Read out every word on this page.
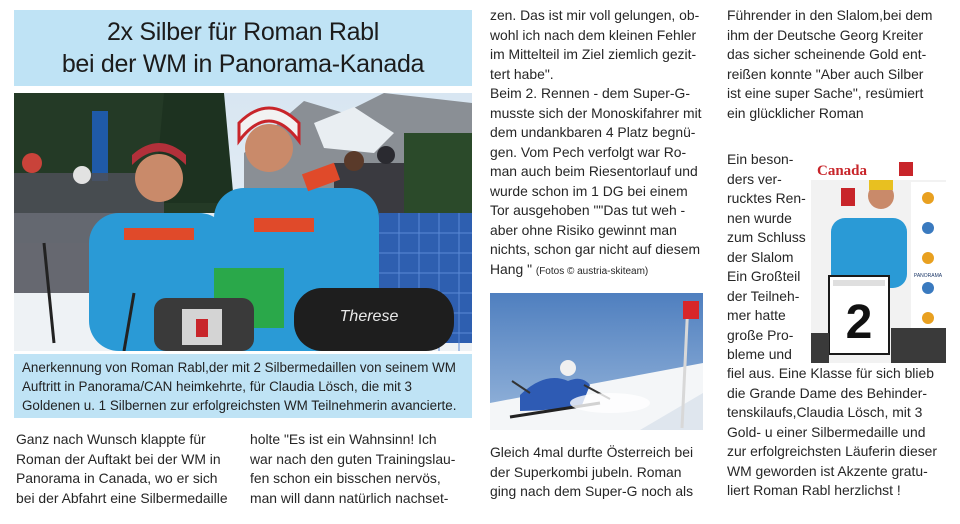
2x Silber für Roman Rabl
bei der WM in Panorama-Kanada
Therese
Anerkennung von Roman Rabl,der mit 2 Silbermedaillen von seinem WM Auftritt in Panorama/CAN heimkehrte, für Claudia Lösch, die mit 3 Goldenen u. 1 Silbernen zur erfolgreichsten WM Teilnehmerin avancierte.

Ganz nach Wunsch klappte für

Roman der Auftakt bei der WM in

Panorama in Canada, wo er sich

bei der Abfahrt eine Silbermedaille

holte "Es ist ein Wahnsinn! Ich

war nach den guten Trainingslau-

fen schon ein bisschen nervös,

man will dann natürlich nachset-

zen. Das ist mir voll gelungen, ob-

wohl ich nach dem kleinen Fehler

im Mittelteil im Ziel ziemlich gezit-

tert habe".

Beim 2. Rennen - dem Super-G-

musste sich der Monoskifahrer mit

dem undankbaren 4 Platz begnü-

gen. Vom Pech verfolgt war Ro-

man auch beim Riesentorlauf und

wurde schon im 1 DG bei einem

Tor ausgehoben ""Das tut weh -

aber ohne Risiko gewinnt man

nichts, schon gar nicht auf diesem

Hang " (Fotos © austria-skiteam)

Gleich 4mal durfte Österreich bei

der Superkombi jubeln. Roman

ging nach dem Super-G noch als

Führender in den Slalom,bei dem

ihm der Deutsche Georg Kreiter

das sicher scheinende Gold ent-

reißen konnte "Aber auch Silber

ist eine super Sache", resümiert

ein glücklicher Roman

Ein beson-

ders ver-

rucktes Ren-

nen wurde

zum Schluss

der Slalom

Ein Großteil

der Teilneh-

mer hatte

große Pro-

bleme und

Canada
PANORAMA
2

fiel aus. Eine Klasse für sich blieb

die Grande Dame des Behinder-

tenskilaufs,Claudia Lösch, mit 3

Gold- u einer Silbermedaille und

zur erfolgreichsten Läuferin dieser

WM geworden ist Akzente gratu-

liert Roman Rabl herzlichst !
